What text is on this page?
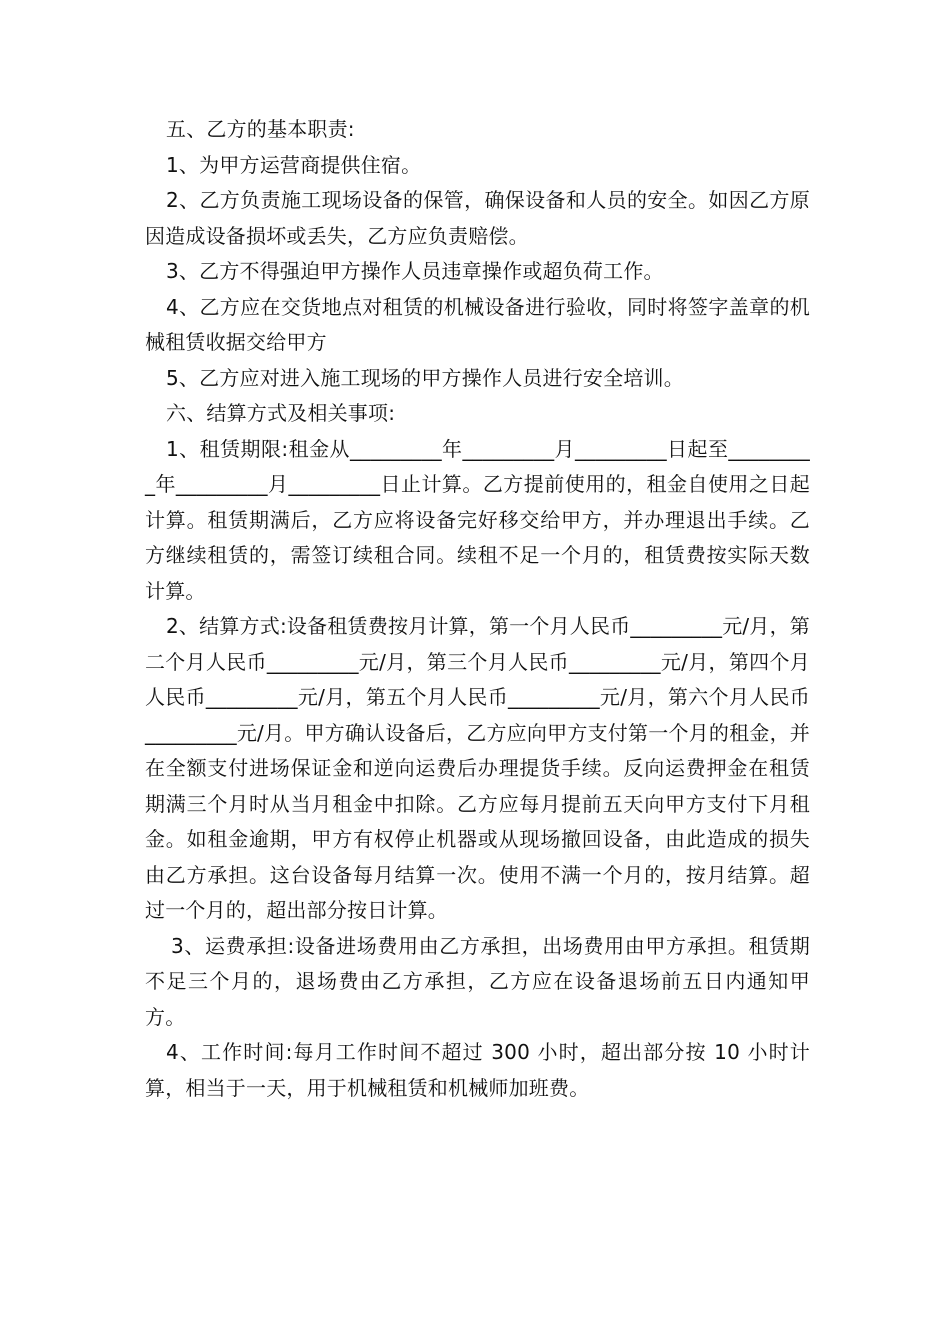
五、乙方的基本职责:

1、为甲方运营商提供住宿。

2、乙方负责施工现场设备的保管，确保设备和人员的安全。如因乙方原因造成设备损坏或丢失，乙方应负责赔偿。

3、乙方不得强迫甲方操作人员违章操作或超负荷工作。

4、乙方应在交货地点对租赁的机械设备进行验收，同时将签字盖章的机械租赁收据交给甲方

5、乙方应对进入施工现场的甲方操作人员进行安全培训。

六、结算方式及相关事项:

1、租赁期限:租金从_________年_________月_________日起至_________年_________月_________日止计算。乙方提前使用的，租金自使用之日起计算。租赁期满后，乙方应将设备完好移交给甲方，并办理退出手续。乙方继续租赁的，需签订续租合同。续租不足一个月的，租赁费按实际天数计算。

2、结算方式:设备租赁费按月计算，第一个月人民币_________元/月，第二个月人民币_________元/月，第三个月人民币_________元/月，第四个月人民币_________元/月，第五个月人民币_________元/月，第六个月人民币_________元/月。甲方确认设备后，乙方应向甲方支付第一个月的租金，并在全额支付进场保证金和逆向运费后办理提货手续。反向运费押金在租赁期满三个月时从当月租金中扣除。乙方应每月提前五天向甲方支付下月租金。如租金逾期，甲方有权停止机器或从现场撤回设备，由此造成的损失由乙方承担。这台设备每月结算一次。使用不满一个月的，按月结算。超过一个月的，超出部分按日计算。

3、运费承担:设备进场费用由乙方承担，出场费用由甲方承担。租赁期不足三个月的，退场费由乙方承担，乙方应在设备退场前五日内通知甲方。

4、工作时间:每月工作时间不超过 300 小时，超出部分按 10 小时计算，相当于一天，用于机械租赁和机械师加班费。
